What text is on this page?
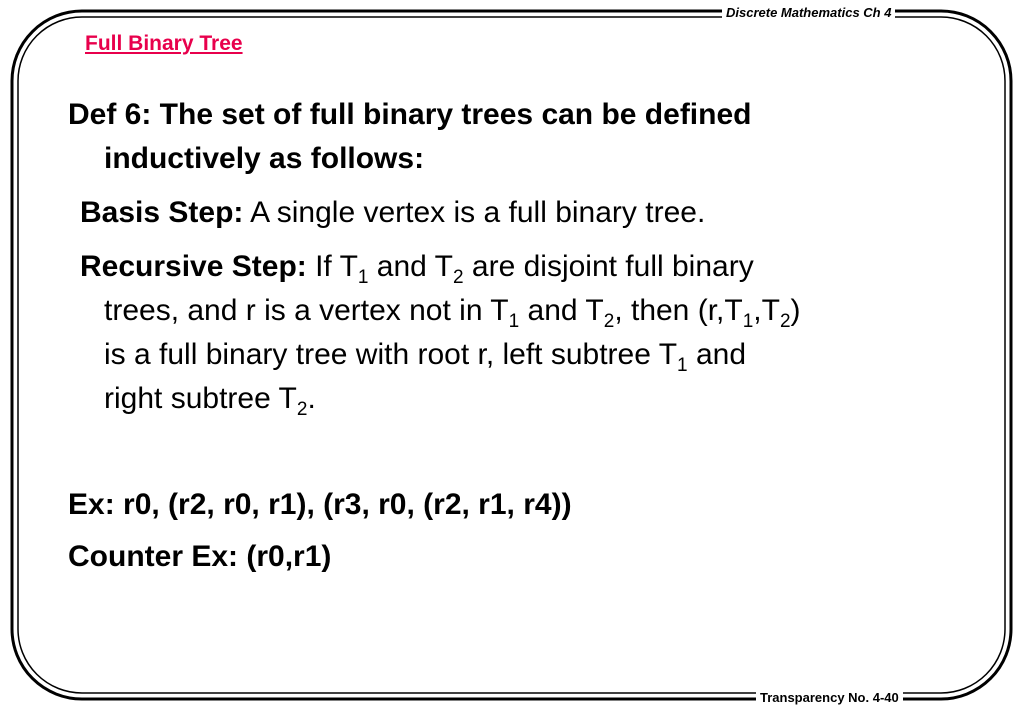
Discrete Mathematics Ch 4
Transparency No. 4-40
Full Binary Tree
Def 6: The set of full binary trees can be defined
inductively as follows:
Basis Step: A single vertex is a full binary tree.
Recursive Step: If $T_1$ and $T_2$ are disjoint full binary
trees, and r is a vertex not in $T_1$ and $T_2$, then $(r,T_1,T_2)$
is a full binary tree with root r, left subtree $T_1$ and
right subtree $T_2$.
Ex: r0, (r2, r0, r1), (r3, r0, (r2, r1, r4))
Counter Ex: (r0,r1)
